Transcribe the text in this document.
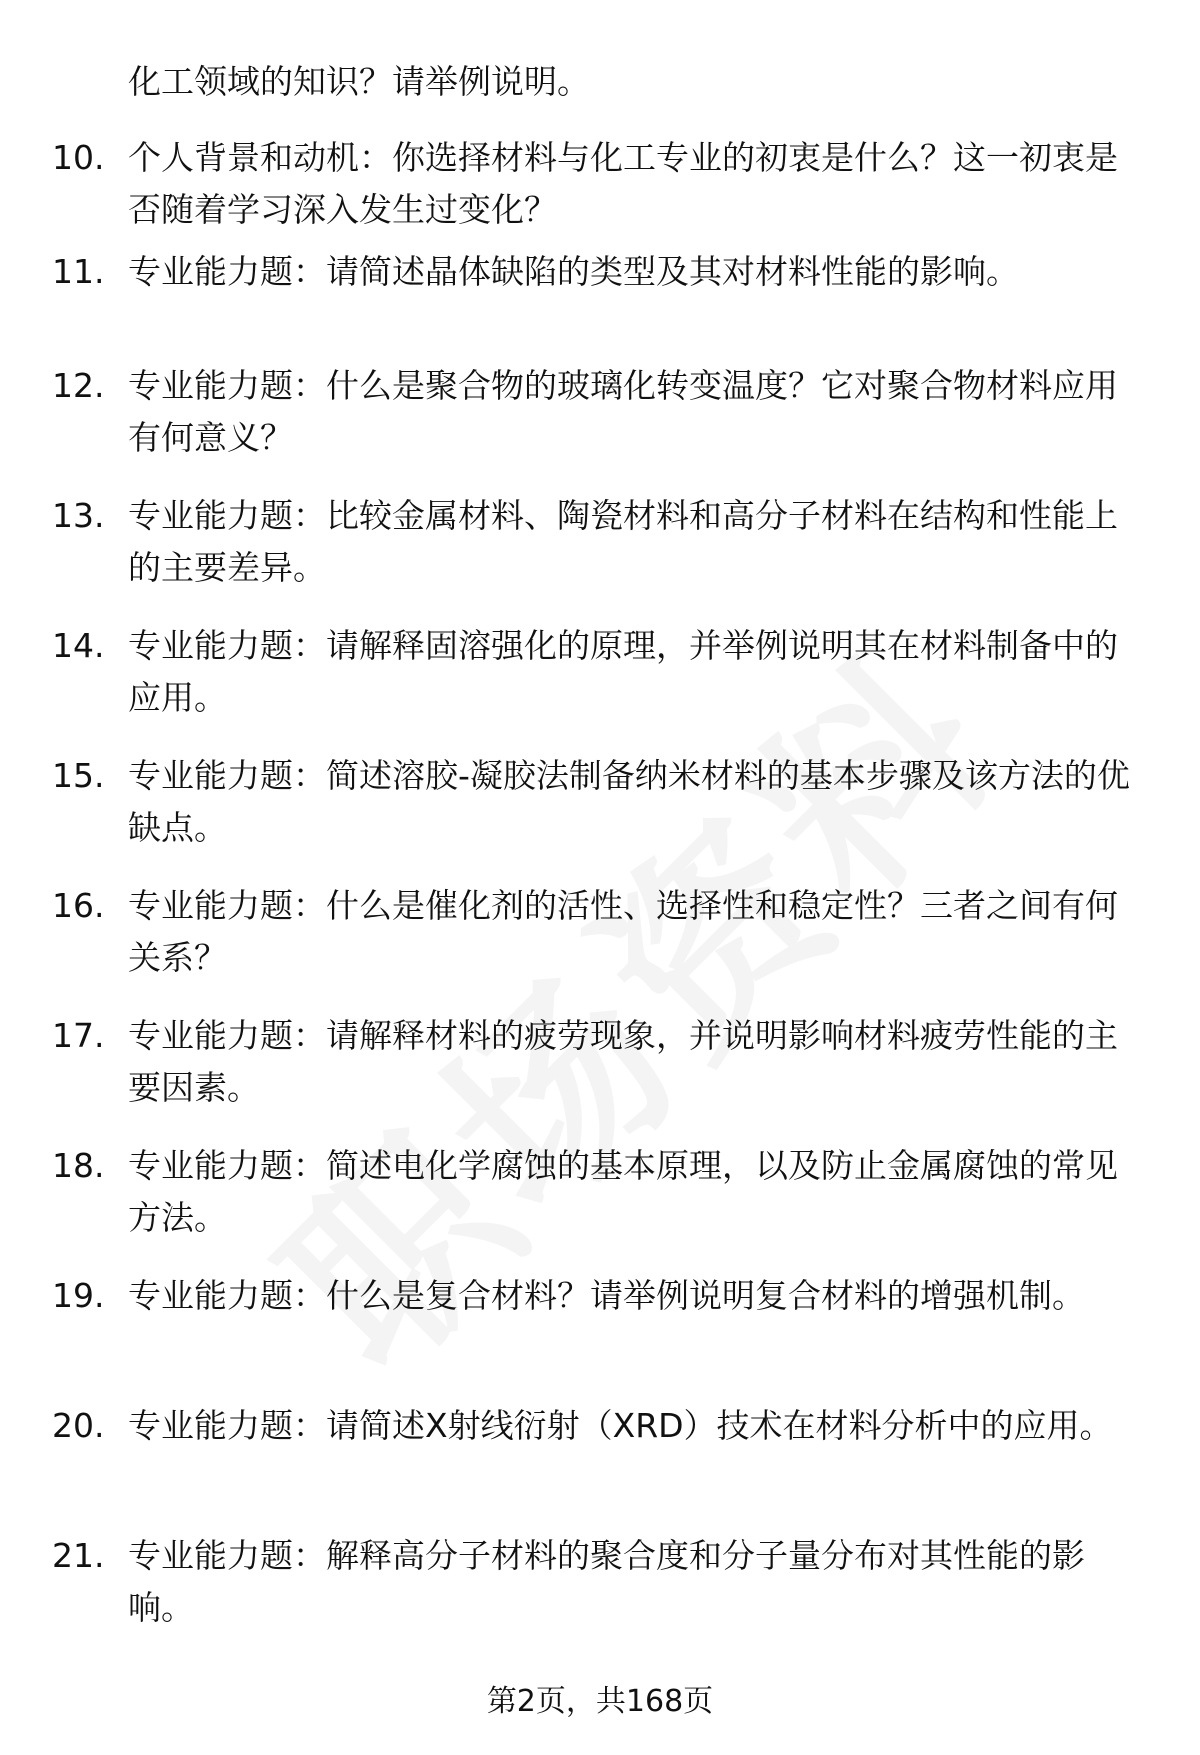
化工领域的知识？请举例说明。
10. 个人背景和动机：你选择材料与化工专业的初衷是什么？这一初衷是否随着学习深入发生过变化？
11. 专业能力题：请简述晶体缺陷的类型及其对材料性能的影响。
12. 专业能力题：什么是聚合物的玻璃化转变温度？它对聚合物材料应用有何意义？
13. 专业能力题：比较金属材料、陶瓷材料和高分子材料在结构和性能上的主要差异。
14. 专业能力题：请解释固溶强化的原理，并举例说明其在材料制备中的应用。
15. 专业能力题：简述溶胶-凝胶法制备纳米材料的基本步骤及该方法的优缺点。
16. 专业能力题：什么是催化剂的活性、选择性和稳定性？三者之间有何关系？
17. 专业能力题：请解释材料的疲劳现象，并说明影响材料疲劳性能的主要因素。
18. 专业能力题：简述电化学腐蚀的基本原理，以及防止金属腐蚀的常见方法。
19. 专业能力题：什么是复合材料？请举例说明复合材料的增强机制。
20. 专业能力题：请简述X射线衍射（XRD）技术在材料分析中的应用。
21. 专业能力题：解释高分子材料的聚合度和分子量分布对其性能的影响。
第2页，共168页
